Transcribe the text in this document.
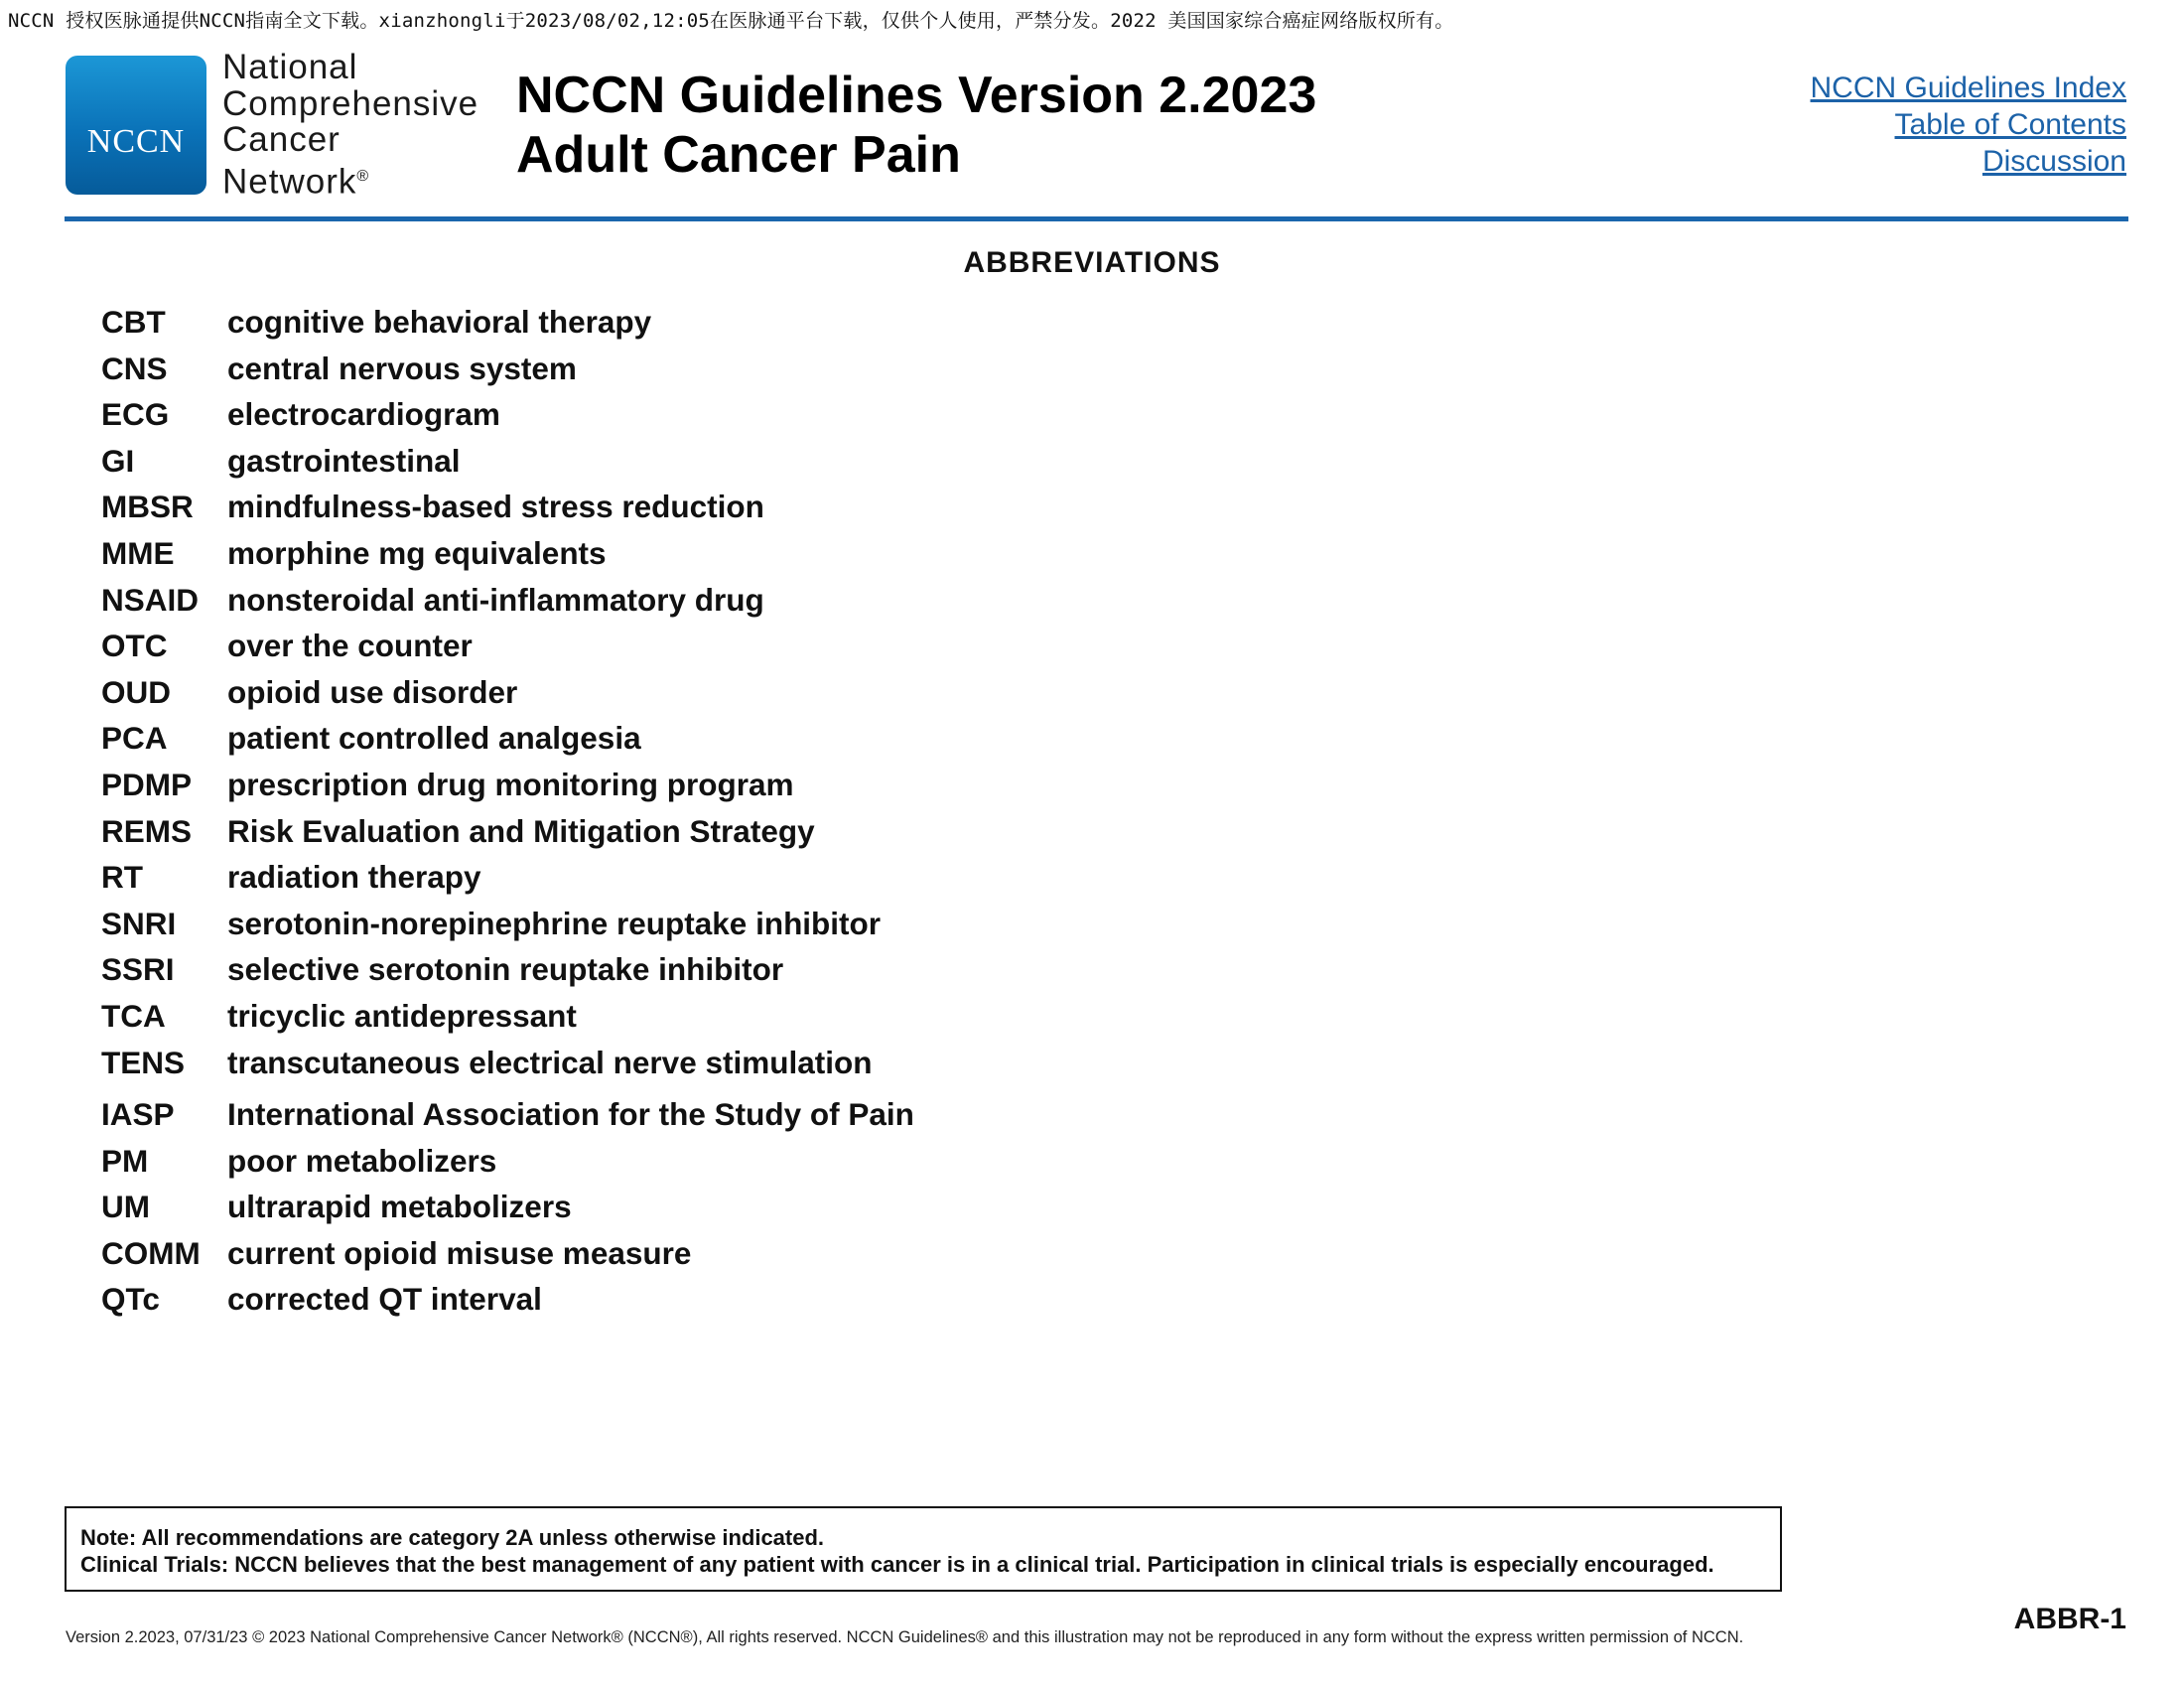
NCCN 授权医脉通提供NCCN指南全文下载。xianzhongli于2023/08/02,12:05在医脉通平台下载，仅供个人使用，严禁分发。2022 美国国家综合癌症网络版权所有。
NCCN
National
Comprehensive
Cancer
Network®
NCCN Guidelines Version 2.2023
Adult Cancer Pain
NCCN Guidelines Index
Table of Contents
Discussion
ABBREVIATIONS
CBT cognitive behavioral therapy
CNS central nervous system
ECG electrocardiogram
GI	gastrointestinal
MBSR mindfulness-based stress reduction
MME morphine mg equivalents
NSAID nonsteroidal anti-inflammatory drug
OTC over the counter
OUD opioid use disorder
PCA patient controlled analgesia
PDMP prescription drug monitoring program
REMS Risk Evaluation and Mitigation Strategy
RT	radiation therapy
SNRI serotonin-norepinephrine reuptake inhibitor
SSRI selective serotonin reuptake inhibitor
TCA tricyclic antidepressant
TENS transcutaneous electrical nerve stimulation
IASP International Association for the Study of Pain
PM	poor metabolizers
UM ultrarapid metabolizers
COMM current opioid misuse measure
QTc corrected QT interval
Note: All recommendations are category 2A unless otherwise indicated.
Clinical Trials: NCCN believes that the best management of any patient with cancer is in a clinical trial. Participation in clinical trials is especially encouraged.
Version 2.2023, 07/31/23 © 2023 National Comprehensive Cancer Network® (NCCN®), All rights reserved. NCCN Guidelines® and this illustration may not be reproduced in any form without the express written permission of NCCN.
ABBR-1
